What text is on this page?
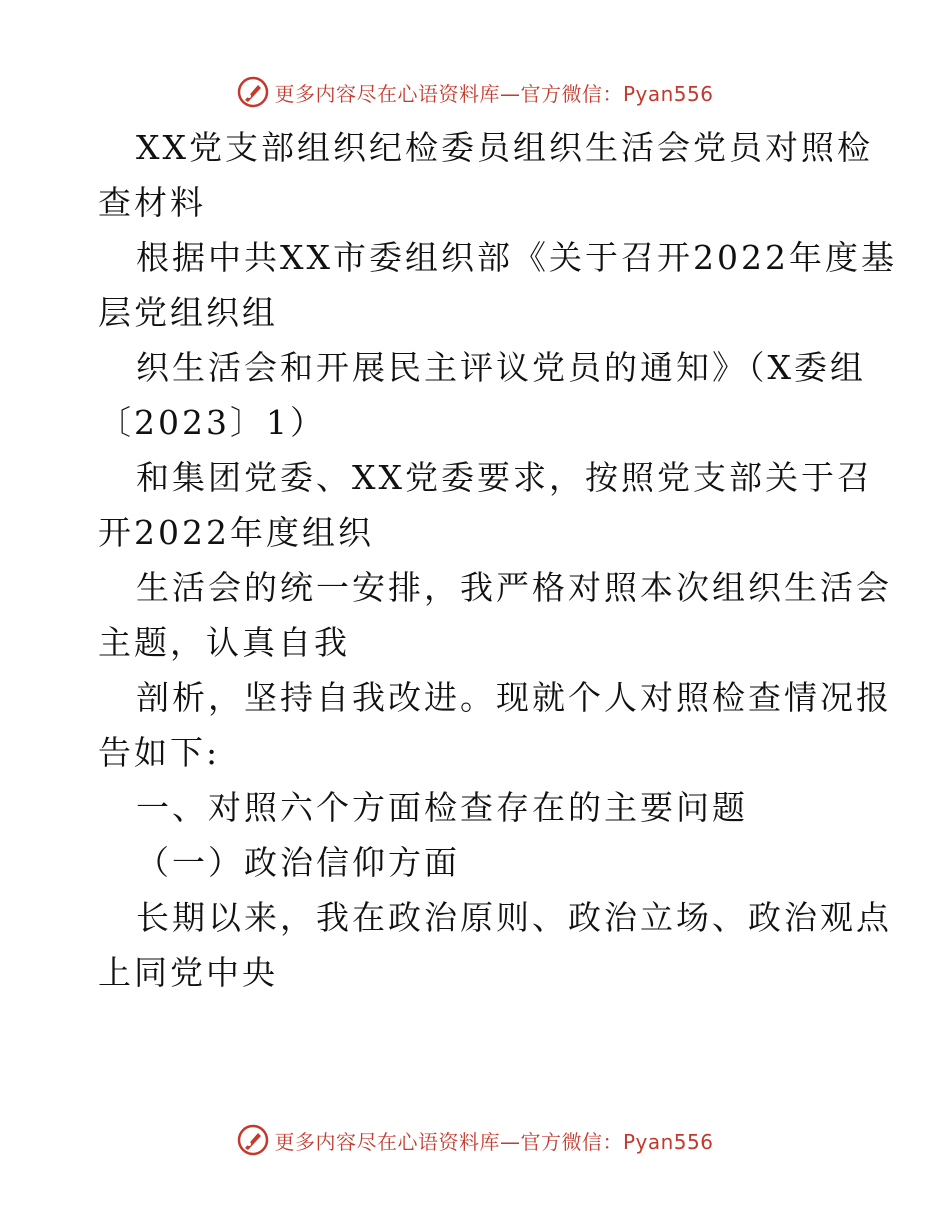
更多内容尽在心语资料库—官方微信：Pyan556
XX党支部组织纪检委员组织生活会党员对照检
查材料
根据中共XX市委组织部《关于召开2022年度基
层党组织组
织生活会和开展民主评议党员的通知》（X委组
〔2023〕1）
和集团党委、XX党委要求，按照党支部关于召
开2022年度组织
生活会的统一安排，我严格对照本次组织生活会
主题，认真自我
剖析，坚持自我改进。现就个人对照检查情况报
告如下:
一、对照六个方面检查存在的主要问题
（一）政治信仰方面
长期以来，我在政治原则、政治立场、政治观点
上同党中央
更多内容尽在心语资料库—官方微信：Pyan556
